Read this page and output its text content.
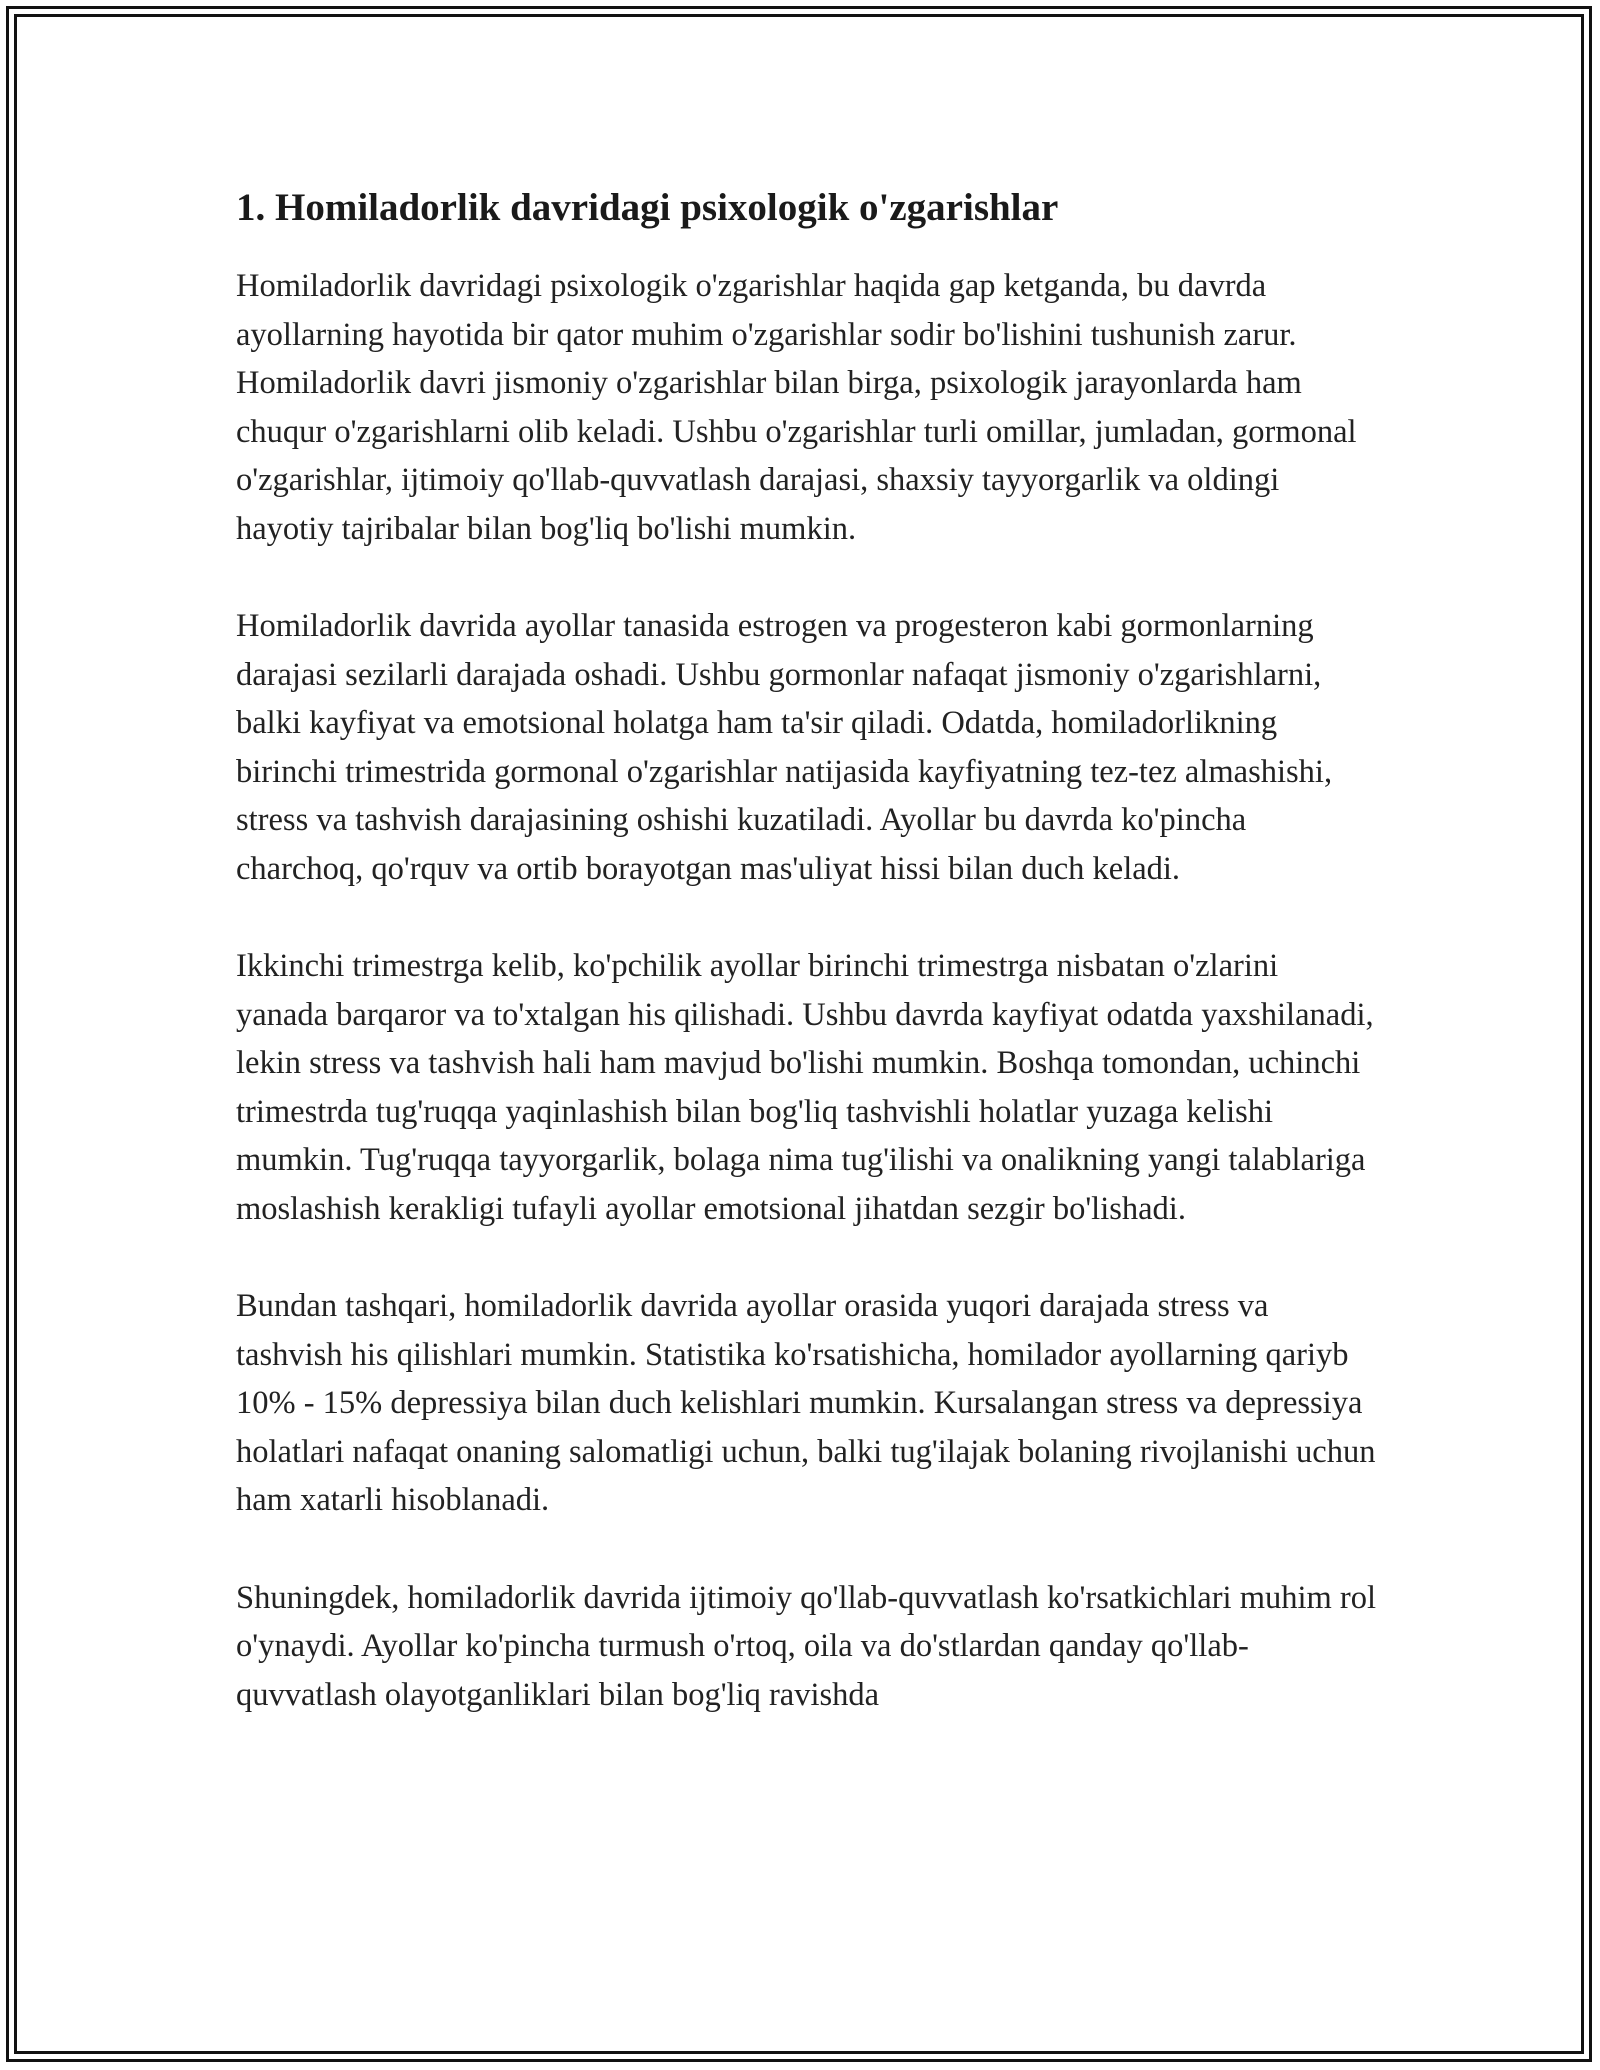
1. Homiladorlik davridagi psixologik o'zgarishlar

Homiladorlik davridagi psixologik o'zgarishlar haqida gap ketganda, bu davrda ayollarning hayotida bir qator muhim o'zgarishlar sodir bo'lishini tushunish zarur. Homiladorlik davri jismoniy o'zgarishlar bilan birga, psixologik jarayonlarda ham chuqur o'zgarishlarni olib keladi. Ushbu o'zgarishlar turli omillar, jumladan, gormonal o'zgarishlar, ijtimoiy qo'llab-quvvatlash darajasi, shaxsiy tayyorgarlik va oldingi hayotiy tajribalar bilan bog'liq bo'lishi mumkin.

Homiladorlik davrida ayollar tanasida estrogen va progesteron kabi gormonlarning darajasi sezilarli darajada oshadi. Ushbu gormonlar nafaqat jismoniy o'zgarishlarni, balki kayfiyat va emotsional holatga ham ta'sir qiladi. Odatda, homiladorlikning birinchi trimestrida gormonal o'zgarishlar natijasida kayfiyatning tez-tez almashishi, stress va tashvish darajasining oshishi kuzatiladi. Ayollar bu davrda ko'pincha charchoq, qo'rquv va ortib borayotgan mas'uliyat hissi bilan duch keladi.

Ikkinchi trimestrga kelib, ko'pchilik ayollar birinchi trimestrga nisbatan o'zlarini yanada barqaror va to'xtalgan his qilishadi. Ushbu davrda kayfiyat odatda yaxshilanadi, lekin stress va tashvish hali ham mavjud bo'lishi mumkin. Boshqa tomondan, uchinchi trimestrda tug'ruqqa yaqinlashish bilan bog'liq tashvishli holatlar yuzaga kelishi mumkin. Tug'ruqqa tayyorgarlik, bolaga nima tug'ilishi va onalikning yangi talablariga moslashish kerakligi tufayli ayollar emotsional jihatdan sezgir bo'lishadi.

Bundan tashqari, homiladorlik davrida ayollar orasida yuqori darajada stress va tashvish his qilishlari mumkin. Statistika ko'rsatishicha, homilador ayollarning qariyb 10% - 15% depressiya bilan duch kelishlari mumkin. Kursalangan stress va depressiya holatlari nafaqat onaning salomatligi uchun, balki tug'ilajak bolaning rivojlanishi uchun ham xatarli hisoblanadi.

Shuningdek, homiladorlik davrida ijtimoiy qo'llab-quvvatlash ko'rsatkichlari muhim rol o'ynaydi. Ayollar ko'pincha turmush o'rtoq, oila va do'stlardan qanday qo'llab-quvvatlash olayotganliklari bilan bog'liq ravishda
